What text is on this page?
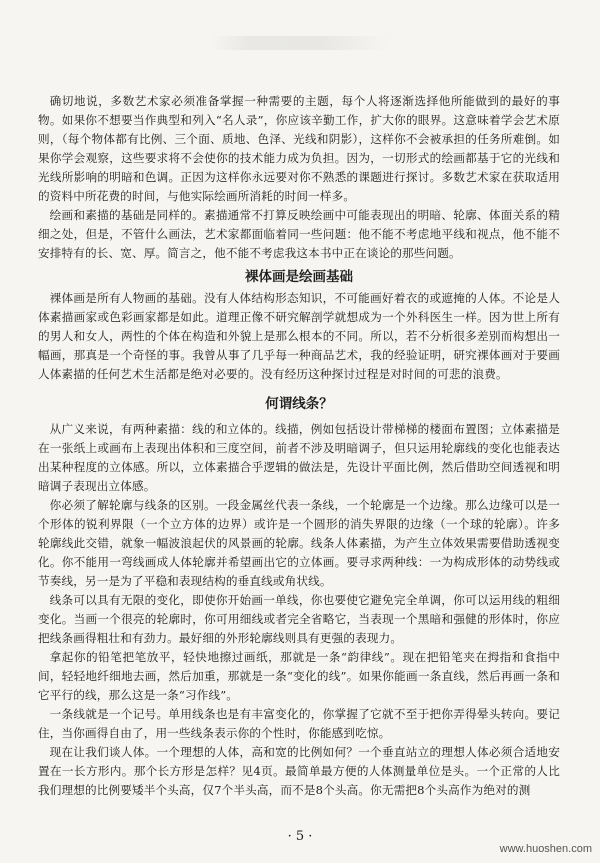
确切地说，多数艺术家必须准备掌握一种需要的主题，每个人将逐渐选择他所能做到的最好的事物。如果你不想要当作典型和列入“名人录”，你应该辛勤工作，扩大你的眼界。这意味着学会艺术原则，（每个物体都有比例、三个面、质地、色泽、光线和阴影），这样你不会被承担的任务所难倒。如果你学会观察，这些要求将不会使你的技术能力成为负担。因为，一切形式的绘画都基于它的光线和光线所影响的明暗和色调。正因为这样你永远要对你不熟悉的课题进行探讨。多数艺术家在获取适用的资料中所花费的时间，与他实际绘画所消耗的时间一样多。

绘画和素描的基础是同样的。素描通常不打算反映绘画中可能表现出的明暗、轮廓、体面关系的精细之处，但是，不管什么画法，艺术家都面临着同一些问题：他不能不考虑地平线和视点，他不能不安排特有的长、宽、厚。简言之，他不能不考虑我这本书中正在谈论的那些问题。

裸体画是绘画基础

裸体画是所有人物画的基础。没有人体结构形态知识，不可能画好着衣的或遮掩的人体。不论是人体素描画家或色彩画家都是如此。道理正像不研究解剖学就想成为一个外科医生一样。因为世上所有的男人和女人，两性的个体在构造和外貌上是那么根本的不同。所以，若不分析很多差别而构想出一幅画，那真是一个奇怪的事。我曾从事了几乎每一种商品艺术，我的经验证明，研究裸体画对于要画人体素描的任何艺术生活都是绝对必要的。没有经历这种探讨过程是对时间的可悲的浪费。

何谓线条？

从广义来说，有两种素描：线的和立体的。线描，例如包括设计带梯梯的楼面布置图；立体素描是在一张纸上或画布上表现出体积和三度空间，前者不涉及明暗调子，但只运用轮廓线的变化也能表达出某种程度的立体感。所以，立体素描合乎逻辑的做法是，先设计平面比例，然后借助空间透视和明暗调子表现出立体感。

你必须了解轮廓与线条的区别。一段金属丝代表一条线，一个轮廓是一个边缘。那么边缘可以是一个形体的锐利界限（一个立方体的边界）或许是一个圆形的消失界限的边缘（一个球的轮廓）。许多轮廓线此交错，就象一幅波浪起伏的风景画的轮廓。线条人体素描，为产生立体效果需要借助透视变化。你不能用一弯线画成人体轮廓并希望画出它的立体画。要寻求两种线：一为构成形体的动势线或节奏线，另一是为了平稳和表现结构的垂直线或角状线。

线条可以具有无限的变化，即使你开始画一单线，你也要使它避免完全单调，你可以运用线的粗细变化。当画一个很亮的轮廓时，你可用细线或者完全省略它，当表现一个黑暗和强健的形体时，你应把线条画得粗壮和有劲力。最好细的外形轮廓线则具有更强的表现力。

拿起你的铅笔把笔放平，轻快地擦过画纸，那就是一条“韵律线”。现在把铅笔夹在拇指和食指中间，轻轻地纤细地去画，然后加重，那就是一条“变化的线”。如果你能画一条直线，然后再画一条和它平行的线，那么这是一条“习作线”。

一条线就是一个记号。单用线条也是有丰富变化的，你掌握了它就不至于把你弄得晕头转向。要记住，当你画得自由了，用一些线条表示你的个性时，你能感到吃惊。

现在让我们谈人体。一个理想的人体，高和宽的比例如何？一个垂直站立的理想人体必须合适地安置在一长方形内。那个长方形是怎样？见4页。最简单最方便的人体测量单位是头。一个正常的人比我们理想的比例要矮半个头高，仅7个半头高，而不是8个头高。你无需把8个头高作为绝对的测

· 5 ·
www.huoshen.com
